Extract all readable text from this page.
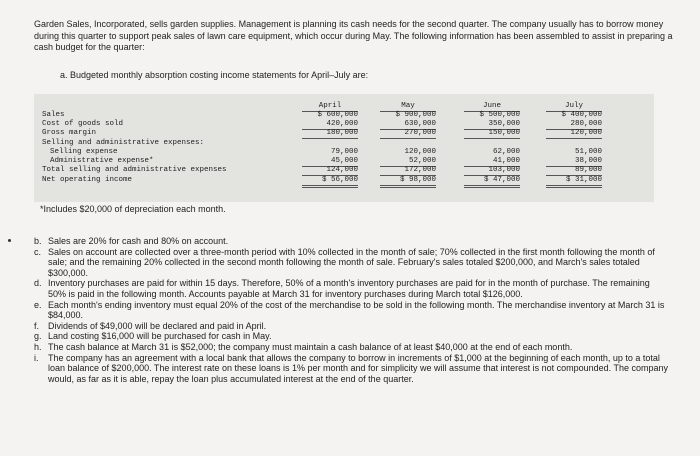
Garden Sales, Incorporated, sells garden supplies. Management is planning its cash needs for the second quarter. The company usually has to borrow money during this quarter to support peak sales of lawn care equipment, which occur during May. The following information has been assembled to assist in preparing a cash budget for the quarter:

a. Budgeted monthly absorption costing income statements for April–July are:
April	May	June	July
Sales	$ 600,000	$ 900,000	$ 500,000	$ 400,000
Cost of goods sold	420,000	630,000	350,000	280,000
Gross margin	180,000	270,000	150,000	120,000
Selling and administrative expenses:
Selling expense	79,000	120,000	62,000	51,000
Administrative expense*	45,000	52,000	41,000	38,000
Total selling and administrative expenses	124,000	172,000	103,000	89,000
Net operating income	$ 56,000	$ 98,000	$ 47,000	$ 31,000
*Includes $20,000 of depreciation each month.

b. Sales are 20% for cash and 80% on account.

c. Sales on account are collected over a three-month period with 10% collected in the month of sale; 70% collected in the first month following the month of sale; and the remaining 20% collected in the second month following the month of sale. February's sales totaled $200,000, and March's sales totaled $300,000.

d. Inventory purchases are paid for within 15 days. Therefore, 50% of a month's inventory purchases are paid for in the month of purchase. The remaining 50% is paid in the following month. Accounts payable at March 31 for inventory purchases during March total $126,000.

e. Each month's ending inventory must equal 20% of the cost of the merchandise to be sold in the following month. The merchandise inventory at March 31 is $84,000.

f. Dividends of $49,000 will be declared and paid in April.

g. Land costing $16,000 will be purchased for cash in May.

h. The cash balance at March 31 is $52,000; the company must maintain a cash balance of at least $40,000 at the end of each month.

i. The company has an agreement with a local bank that allows the company to borrow in increments of $1,000 at the beginning of each month, up to a total loan balance of $200,000. The interest rate on these loans is 1% per month and for simplicity we will assume that interest is not compounded. The company would, as far as it is able, repay the loan plus accumulated interest at the end of the quarter.
